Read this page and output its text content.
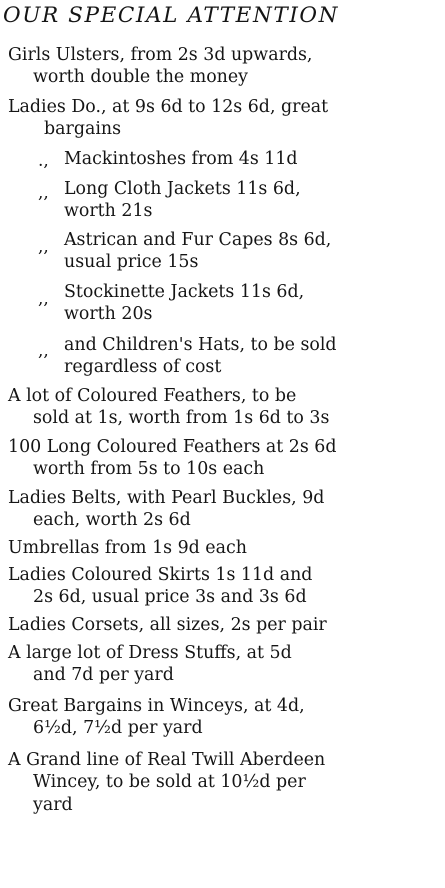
OUR SPECIAL ATTENTION
Girls Ulsters, from 2s 3d upwards,
worth double the money
Ladies Do., at 9s 6d to 12s 6d, great
bargains
., Mackintoshes from 4s 11d
,, Long Cloth Jackets 11s 6d,
worth 21s
,, Astrican and Fur Capes 8s 6d,
usual price 15s
,, Stockinette Jackets 11s 6d,
worth 20s
,, and Children's Hats, to be sold
regardless of cost
A lot of Coloured Feathers, to be
sold at 1s, worth from 1s 6d to 3s
100 Long Coloured Feathers at 2s 6d
worth from 5s to 10s each
Ladies Belts, with Pearl Buckles, 9d
each, worth 2s 6d
Umbrellas from 1s 9d each
Ladies Coloured Skirts 1s 11d and
2s 6d, usual price 3s and 3s 6d
Ladies Corsets, all sizes, 2s per pair
A large lot of Dress Stuffs, at 5d
and 7d per yard
Great Bargains in Winceys, at 4d,
6½d, 7½d per yard
A Grand line of Real Twill Aberdeen
Wincey, to be sold at 10½d per
yard
